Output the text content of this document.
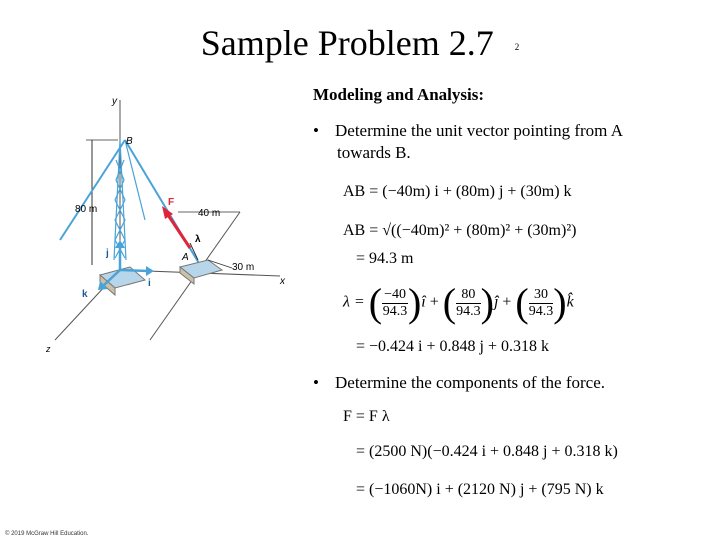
Sample Problem 2.7 2
y
B
F
40 m
80 m
λ
A
j
i
k
30 m
x
z
Modeling and Analysis:
• Determine the unit vector pointing from A
towards B.
AB = (−40m) i + (80m) j + (30m) k
AB = √((−40m)² + (80m)² + (30m)²)
= 94.3 m
λ = ( $\frac{-40}{94.3}$ )î + ( $\frac{80}{94.3}$ )ĵ + ( $\frac{30}{94.3}$ )k̂
= −0.424 i + 0.848 j + 0.318 k
• Determine the components of the force.
F = F λ
= (2500 N)(−0.424 i + 0.848 j + 0.318 k)
= (−1060N) i + (2120 N) j + (795 N) k
© 2019 McGraw Hill Education.
